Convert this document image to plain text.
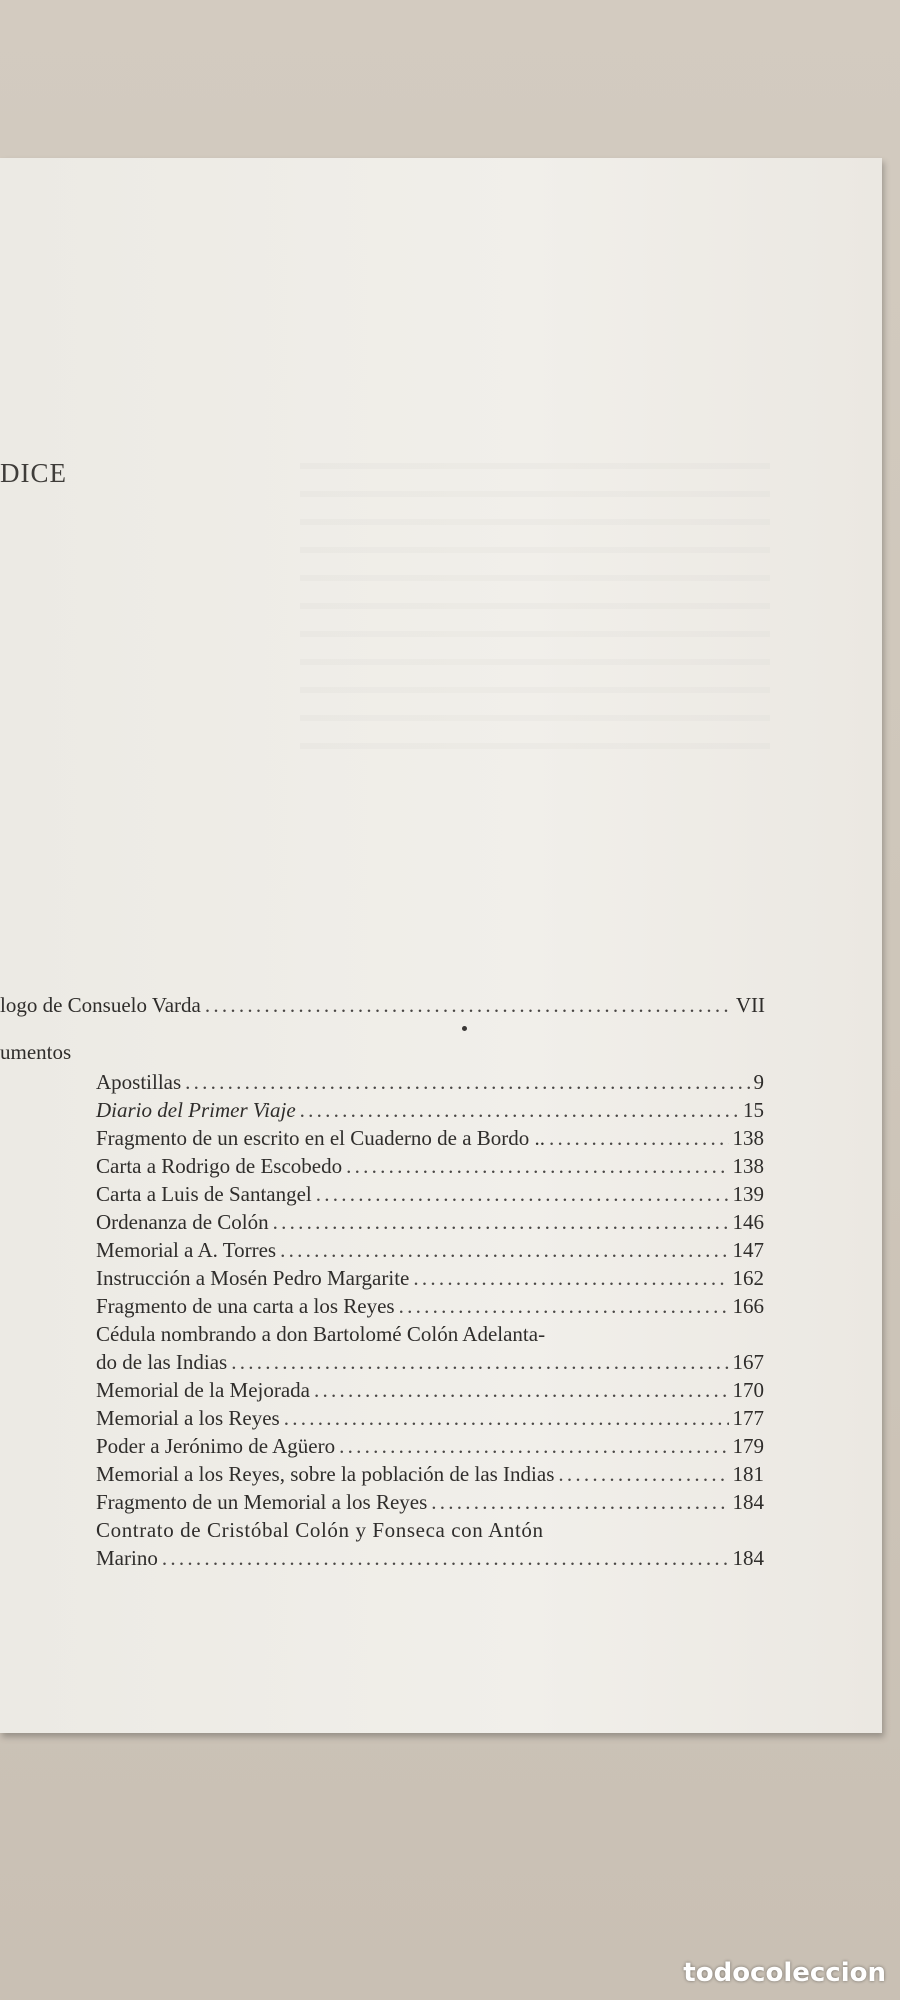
DICE
logo de Consuelo Varda . . .	VII
umentos
Apostillas . . .	9
Diario del Primer Viaje . . .	15
Fragmento de un escrito en el Cuaderno de a Bordo .. . . .	138
Carta a Rodrigo de Escobedo . . .	138
Carta a Luis de Santangel . . .	139
Ordenanza de Colón . . .	146
Memorial a A. Torres . . .	147
Instrucción a Mosén Pedro Margarite . . .	162
Fragmento de una carta a los Reyes . . .	166
Cédula nombrando a don Bartolomé Colón Adelanta-
do de las Indias . . .	167
Memorial de la Mejorada . . .	170
Memorial a los Reyes . . .	177
Poder a Jerónimo de Agüero . . .	179
Memorial a los Reyes, sobre la población de las Indias . . .	181
Fragmento de un Memorial a los Reyes . . .	184
Contrato de Cristóbal Colón y Fonseca con Antón
Marino . . .	184
todocoleccion
